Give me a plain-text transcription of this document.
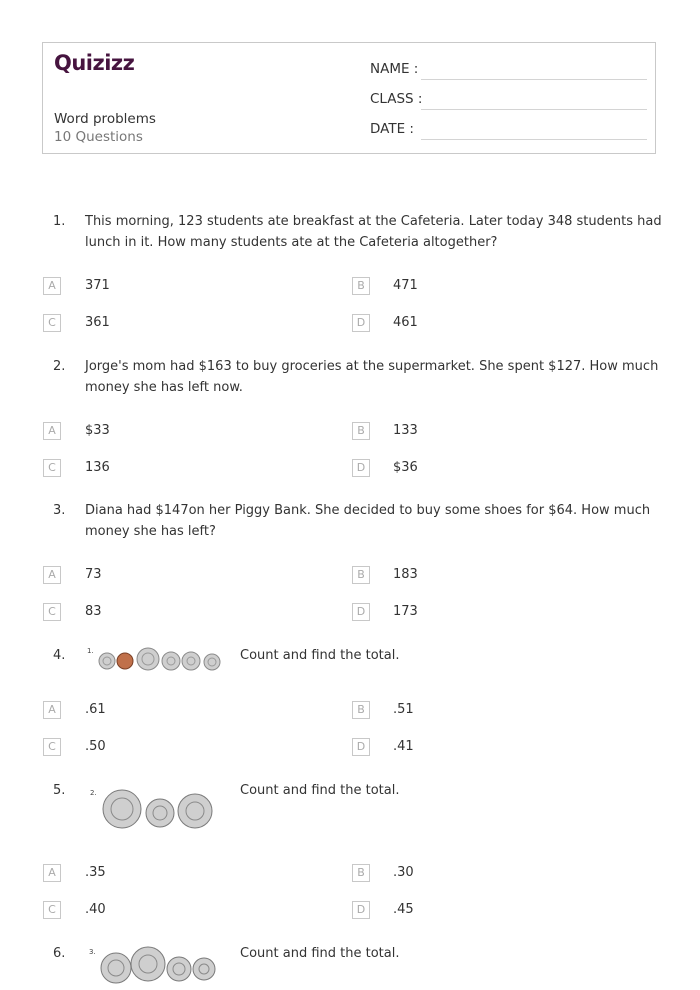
Quizizz
Word problems
10 Questions
NAME :
CLASS :
DATE :
1. This morning, 123 students ate breakfast at the Cafeteria. Later today 348 students had lunch in it. How many students ate at the Cafeteria altogether?
A	371	B	471
C	361	D	461
2. Jorge's mom had $163 to buy groceries at the supermarket. She spent $127. How much money she has left now.
A	$33	B	133
C	136	D	$36
3. Diana had $147on her Piggy Bank. She decided to buy some shoes for $64. How much money she has left?
A	73	B	183
C	83	D	173
4.	1.	Count and find the total.
A	.61	B	.51
C	.50	D	.41
5.	2.	Count and find the total.
A	.35	B	.30
C	.40	D	.45
6.	3.	Count and find the total.
